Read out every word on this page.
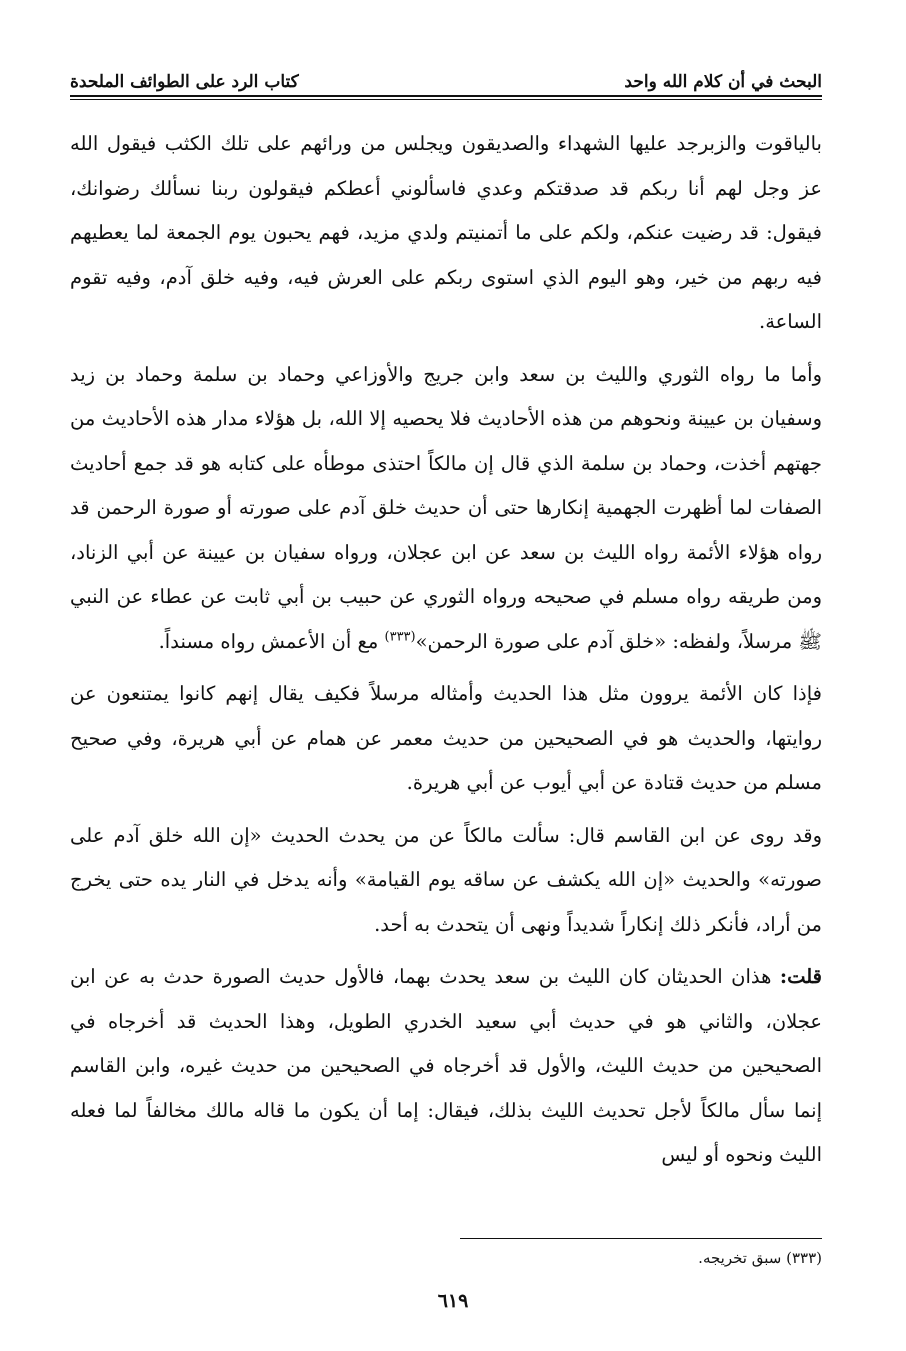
البحث في أن كلام الله واحد
كتاب الرد على الطوائف الملحدة

بالياقوت والزبرجد عليها الشهداء والصديقون ويجلس من ورائهم على تلك الكثب فيقول الله عز وجل لهم أنا ربكم قد صدقتكم وعدي فاسألوني أعطكم فيقولون ربنا نسألك رضوانك، فيقول: قد رضيت عنكم، ولكم على ما أتمنيتم ولدي مزيد، فهم يحبون يوم الجمعة لما يعطيهم فيه ربهم من خير، وهو اليوم الذي استوى ربكم على العرش فيه، وفيه خلق آدم، وفيه تقوم الساعة.

وأما ما رواه الثوري والليث بن سعد وابن جريج والأوزاعي وحماد بن سلمة وحماد بن زيد وسفيان بن عيينة ونحوهم من هذه الأحاديث فلا يحصيه إلا الله، بل هؤلاء مدار هذه الأحاديث من جهتهم أخذت، وحماد بن سلمة الذي قال إن مالكاً احتذى موطأه على كتابه هو قد جمع أحاديث الصفات لما أظهرت الجهمية إنكارها حتى أن حديث خلق آدم على صورته أو صورة الرحمن قد رواه هؤلاء الأئمة رواه الليث بن سعد عن ابن عجلان، ورواه سفيان بن عيينة عن أبي الزناد، ومن طريقه رواه مسلم في صحيحه ورواه الثوري عن حبيب بن أبي ثابت عن عطاء عن النبي ﷺ مرسلاً، ولفظه: «خلق آدم على صورة الرحمن»$^{(٣٣٣)}$ مع أن الأعمش رواه مسنداً.

فإذا كان الأئمة يروون مثل هذا الحديث وأمثاله مرسلاً فكيف يقال إنهم كانوا يمتنعون عن روايتها، والحديث هو في الصحيحين من حديث معمر عن همام عن أبي هريرة، وفي صحيح مسلم من حديث قتادة عن أبي أيوب عن أبي هريرة.

وقد روى عن ابن القاسم قال: سألت مالكاً عن من يحدث الحديث «إن الله خلق آدم على صورته» والحديث «إن الله يكشف عن ساقه يوم القيامة» وأنه يدخل في النار يده حتى يخرج من أراد، فأنكر ذلك إنكاراً شديداً ونهى أن يتحدث به أحد.

قلت: هذان الحديثان كان الليث بن سعد يحدث بهما، فالأول حديث الصورة حدث به عن ابن عجلان، والثاني هو في حديث أبي سعيد الخدري الطويل، وهذا الحديث قد أخرجاه في الصحيحين من حديث الليث، والأول قد أخرجاه في الصحيحين من حديث غيره، وابن القاسم إنما سأل مالكاً لأجل تحديث الليث بذلك، فيقال: إما أن يكون ما قاله مالك مخالفاً لما فعله الليث ونحوه أو ليس

(٣٣٣) سبق تخريجه.
٦١٩
